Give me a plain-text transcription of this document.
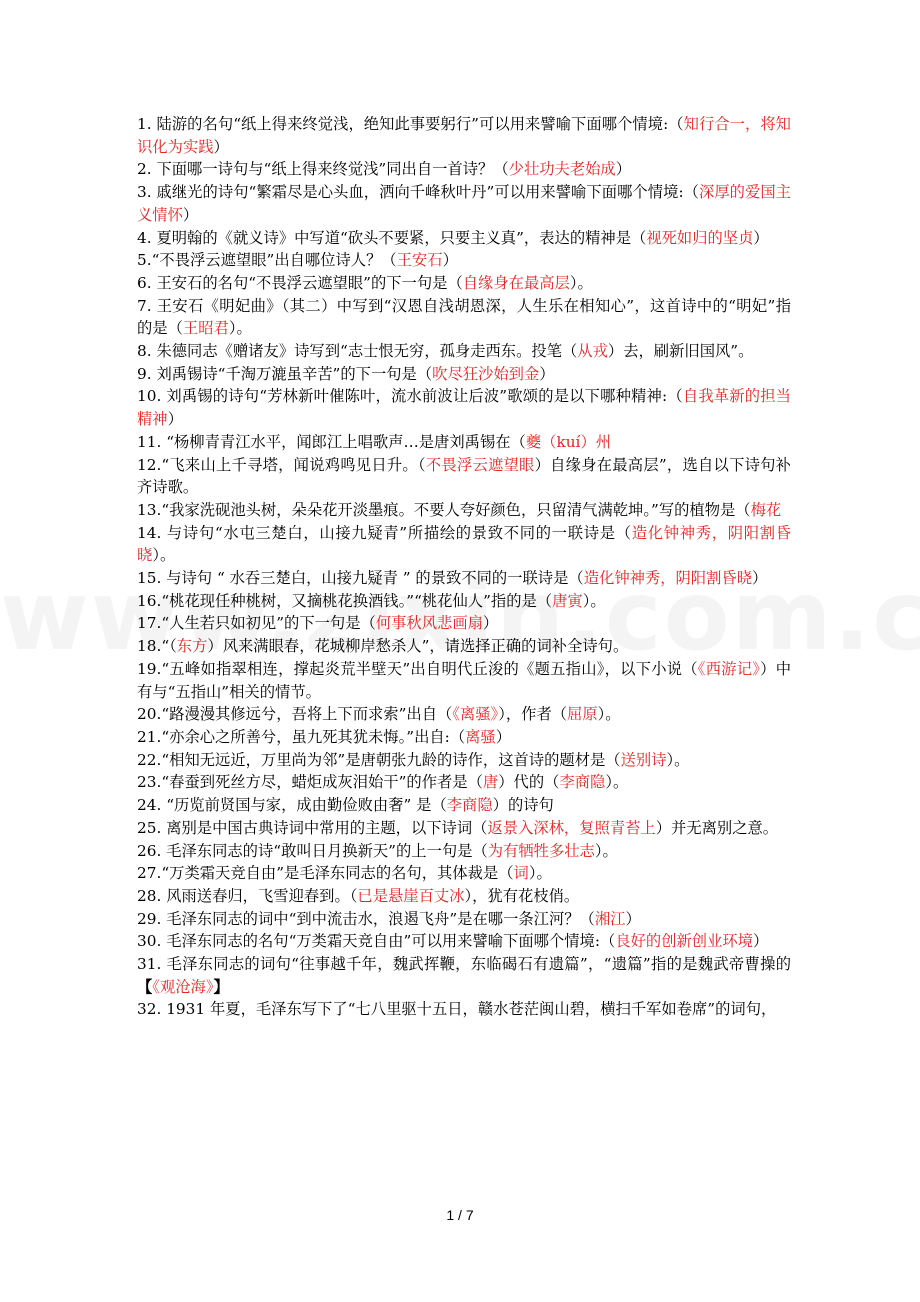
1. 陆游的名句“纸上得来终觉浅，绝知此事要躬行”可以用来譬喻下面哪个情境:（知行合一，将知识化为实践）

2. 下面哪一诗句与“纸上得来终觉浅”同出自一首诗？（少壮功夫老始成）

3. 戚继光的诗句“繁霜尽是心头血，洒向千峰秋叶丹”可以用来譬喻下面哪个情境:（深厚的爱国主义情怀）

4. 夏明翰的《就义诗》中写道“砍头不要紧，只要主义真”，表达的精神是（视死如归的坚贞）

5.“不畏浮云遮望眼”出自哪位诗人？（王安石）

6. 王安石的名句“不畏浮云遮望眼”的下一句是（自缘身在最高层）。

7. 王安石《明妃曲》（其二）中写到“汉恩自浅胡恩深，人生乐在相知心”，这首诗中的“明妃”指的是（王昭君）。

8. 朱德同志《赠诸友》诗写到“志士恨无穷，孤身走西东。投笔（从戎）去，刷新旧国风”。

9. 刘禹锡诗“千淘万漉虽辛苦”的下一句是（吹尽狂沙始到金）

10. 刘禹锡的诗句“芳林新叶催陈叶，流水前波让后波”歌颂的是以下哪种精神:（自我革新的担当精神）

11. “杨柳青青江水平，闻郎江上唱歌声…是唐刘禹锡在（夔（kuí）州

12.“飞来山上千寻塔，闻说鸡鸣见日升。（不畏浮云遮望眼）自缘身在最高层”，选自以下诗句补齐诗歌。

13.“我家洗砚池头树，朵朵花开淡墨痕。不要人夸好颜色，只留清气满乾坤。”写的植物是（梅花

14. 与诗句“水屯三楚白，山接九疑青”所描绘的景致不同的一联诗是（造化钟神秀，阴阳割昏晓）。

15. 与诗句 “ 水吞三楚白，山接九疑青 ” 的景致不同的一联诗是（造化钟神秀，阴阳割昏晓）

16.“桃花现任种桃树，又摘桃花换酒钱。”“桃花仙人”指的是（唐寅）。

17.“人生若只如初见”的下一句是（何事秋风悲画扇）

18.“（东方）风来满眼春，花城柳岸愁杀人”，请选择正确的词补全诗句。

19.“五峰如指翠相连，撑起炎荒半壁天”出自明代丘浚的《题五指山》，以下小说（《西游记》）中有与“五指山”相关的情节。

20.“路漫漫其修远兮，吾将上下而求索”出自（《离骚》），作者（屈原）。

21.“亦余心之所善兮，虽九死其犹未悔。”出自:（离骚）

22.“相知无远近，万里尚为邻”是唐朝张九龄的诗作，这首诗的题材是（送别诗）。

23.“春蚕到死丝方尽，蜡炬成灰泪始干”的作者是（唐）代的（李商隐）。

24. “历览前贤国与家，成由勤俭败由奢” 是（李商隐）的诗句

25. 离别是中国古典诗词中常用的主题，以下诗词（返景入深林，复照青苔上）并无离别之意。

26. 毛泽东同志的诗“敢叫日月换新天”的上一句是（为有牺牲多壮志）。

27.“万类霜天竞自由”是毛泽东同志的名句，其体裁是（词）。

28. 风雨送春归，飞雪迎春到。（已是悬崖百丈冰），犹有花枝俏。

29. 毛泽东同志的词中“到中流击水，浪遏飞舟”是在哪一条江河？（湘江）

30. 毛泽东同志的名句“万类霜天竞自由”可以用来譬喻下面哪个情境:（良好的创新创业环境）

31. 毛泽东同志的词句“往事越千年，魏武挥鞭，东临碣石有遗篇”，“遗篇”指的是魏武帝曹操的【《观沧海》】

32. 1931 年夏，毛泽东写下了“七八里驱十五日，赣水苍茫闽山碧，横扫千军如卷席”的词句，

1 / 7
